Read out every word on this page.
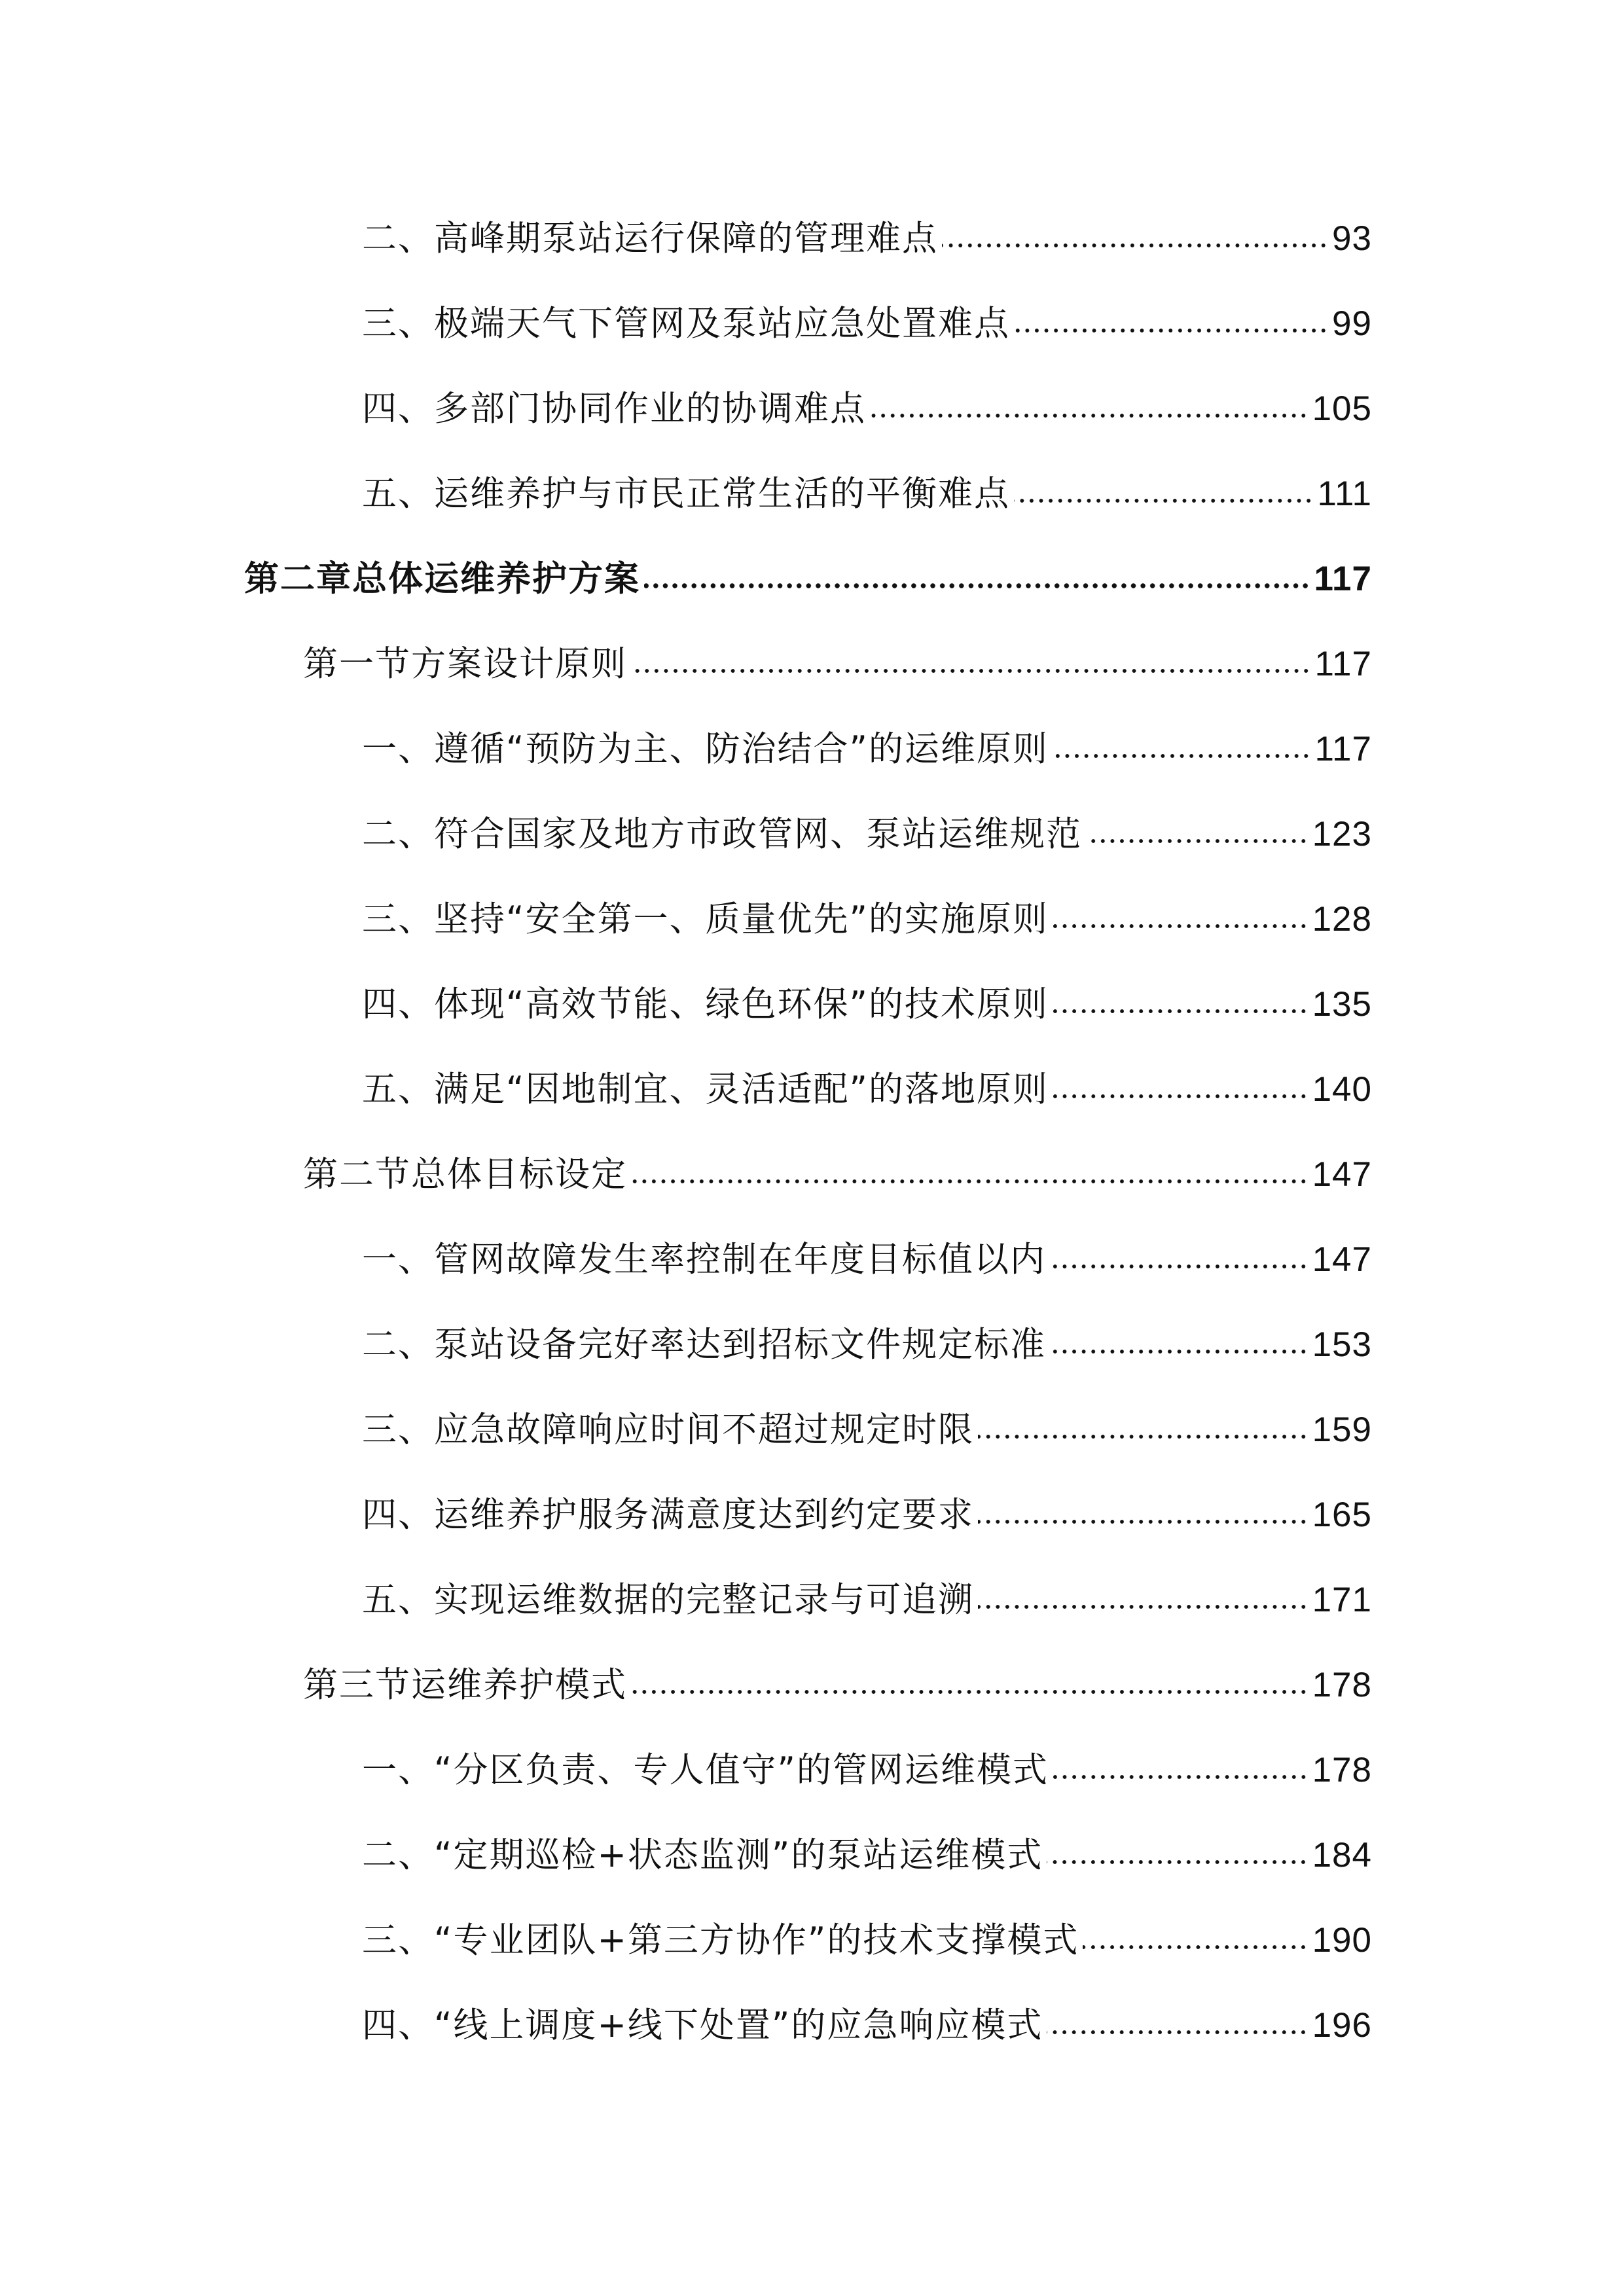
二、高峰期泵站运行保障的管理难点	93
三、极端天气下管网及泵站应急处置难点	99
四、多部门协同作业的协调难点	105
五、运维养护与市民正常生活的平衡难点	111
第二章总体运维养护方案	117
第一节方案设计原则	117
一、遵循“预防为主、防治结合”的运维原则	117
二、符合国家及地方市政管网、泵站运维规范	123
三、坚持“安全第一、质量优先”的实施原则	128
四、体现“高效节能、绿色环保”的技术原则	135
五、满足“因地制宜、灵活适配”的落地原则	140
第二节总体目标设定	147
一、管网故障发生率控制在年度目标值以内	147
二、泵站设备完好率达到招标文件规定标准	153
三、应急故障响应时间不超过规定时限	159
四、运维养护服务满意度达到约定要求	165
五、实现运维数据的完整记录与可追溯	171
第三节运维养护模式	178
一、“分区负责、专人值守”的管网运维模式	178
二、“定期巡检+状态监测”的泵站运维模式	184
三、“专业团队+第三方协作”的技术支撑模式	190
四、“线上调度+线下处置”的应急响应模式	196
